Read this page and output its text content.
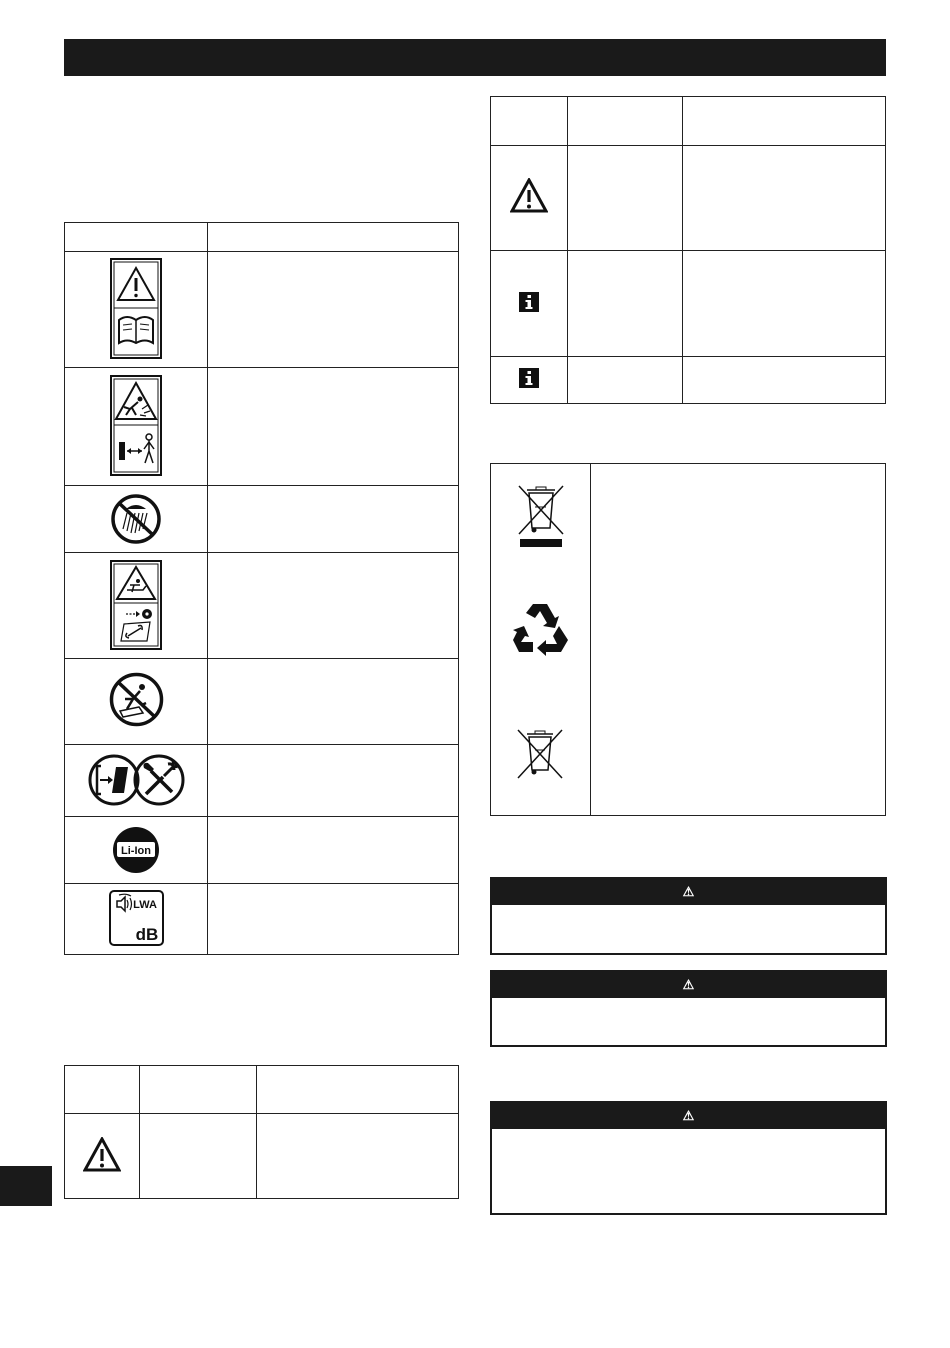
Li-Ion
LWA
dB
⚠
⚠
⚠
